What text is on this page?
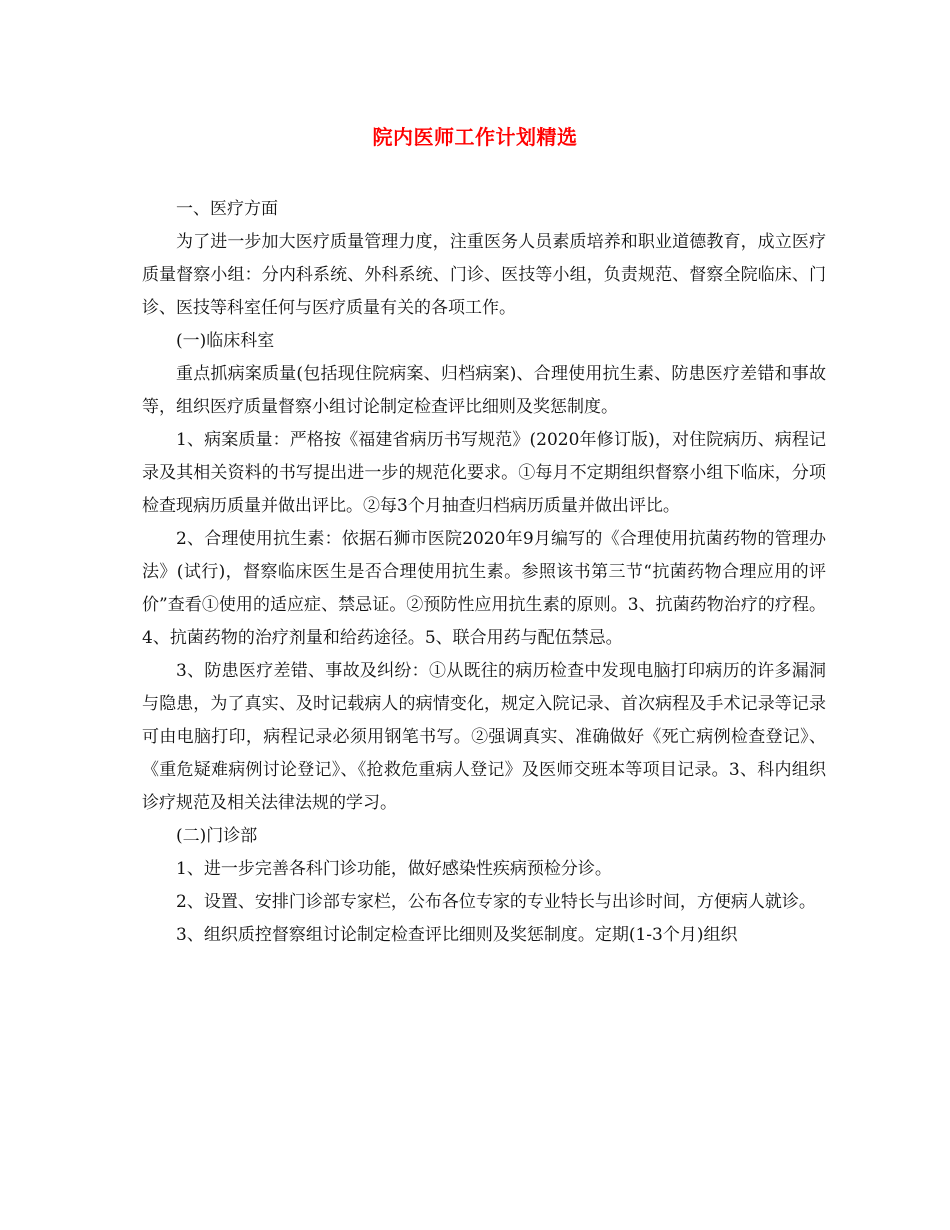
院内医师工作计划精选

一、医疗方面

为了进一步加大医疗质量管理力度，注重医务人员素质培养和职业道德教育，成立医疗质量督察小组：分内科系统、外科系统、门诊、医技等小组，负责规范、督察全院临床、门诊、医技等科室任何与医疗质量有关的各项工作。

(一)临床科室

重点抓病案质量(包括现住院病案、归档病案)、合理使用抗生素、防患医疗差错和事故等，组织医疗质量督察小组讨论制定检查评比细则及奖惩制度。

1、病案质量：严格按《福建省病历书写规范》(2020年修订版)，对住院病历、病程记录及其相关资料的书写提出进一步的规范化要求。①每月不定期组织督察小组下临床，分项检查现病历质量并做出评比。②每3个月抽查归档病历质量并做出评比。

2、合理使用抗生素：依据石狮市医院2020年9月编写的《合理使用抗菌药物的管理办法》(试行)，督察临床医生是否合理使用抗生素。参照该书第三节“抗菌药物合理应用的评价”查看①使用的适应症、禁忌证。②预防性应用抗生素的原则。3、抗菌药物治疗的疗程。4、抗菌药物的治疗剂量和给药途径。5、联合用药与配伍禁忌。

3、防患医疗差错、事故及纠纷：①从既往的病历检查中发现电脑打印病历的许多漏洞与隐患，为了真实、及时记载病人的病情变化，规定入院记录、首次病程及手术记录等记录可由电脑打印，病程记录必须用钢笔书写。②强调真实、准确做好《死亡病例检查登记》、《重危疑难病例讨论登记》、《抢救危重病人登记》及医师交班本等项目记录。3、科内组织诊疗规范及相关法律法规的学习。

(二)门诊部

1、进一步完善各科门诊功能，做好感染性疾病预检分诊。

2、设置、安排门诊部专家栏，公布各位专家的专业特长与出诊时间，方便病人就诊。

3、组织质控督察组讨论制定检查评比细则及奖惩制度。定期(1-3个月)组织
